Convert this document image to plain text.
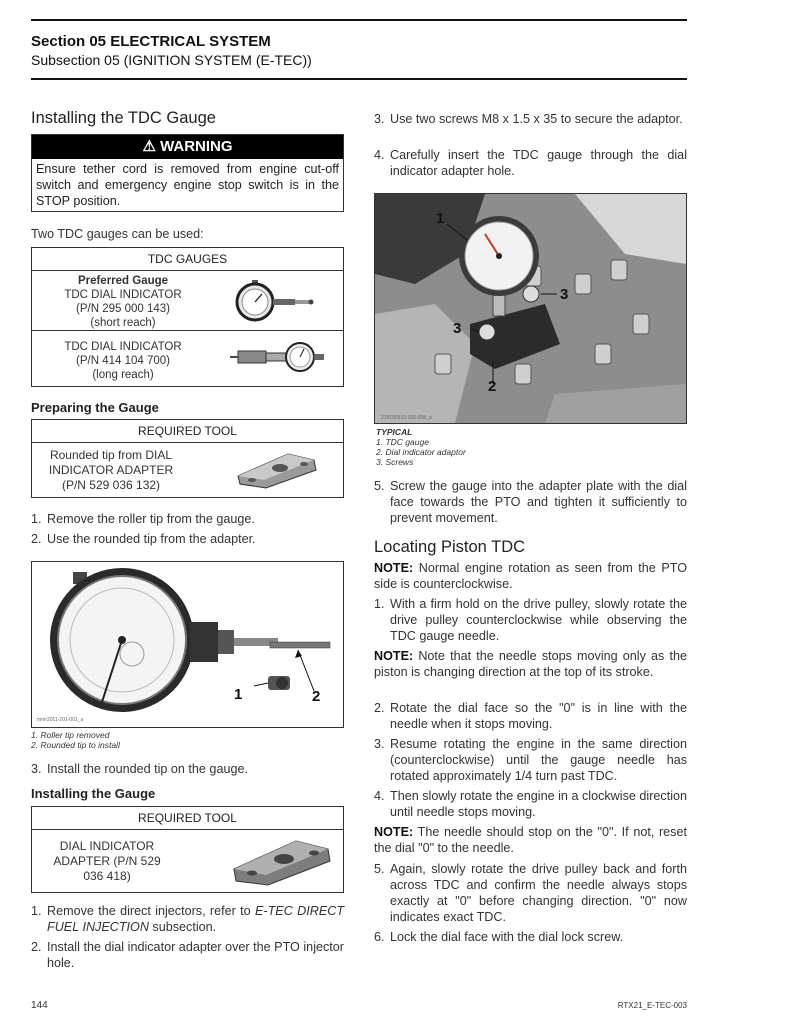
Section 05 ELECTRICAL SYSTEM
Subsection 05 (IGNITION SYSTEM (E-TEC))
Installing the TDC Gauge
⚠ WARNING
Ensure tether cord is removed from engine cut-off switch and emergency engine stop switch is in the STOP position.
Two TDC gauges can be used:
TDC GAUGES
Preferred Gauge
TDC DIAL INDICATOR
(P/N 295 000 143)
(short reach)
TDC DIAL INDICATOR
(P/N 414 104 700)
(long reach)
Preparing the Gauge
REQUIRED TOOL
Rounded tip from DIAL
INDICATOR ADAPTER
(P/N 529 036 132)
1. Remove the roller tip from the gauge.
2. Use the rounded tip from the adapter.
1	2
mmr2011-201-001_a
1. Roller tip removed
2. Rounded tip to install
3. Install the rounded tip on the gauge.
Installing the Gauge
REQUIRED TOOL
DIAL INDICATOR
ADAPTER (P/N 529
036 418)
1. Remove the direct injectors, refer to E-TEC DIRECT FUEL INJECTION subsection.
2. Install the dial indicator adapter over the PTO injector hole.
3. Use two screws M8 x 1.5 x 35 to secure the adaptor.
4. Carefully insert the TDC gauge through the dial indicator adapter hole.
1
3
3
2
219100912-016-008_a
TYPICAL
1. TDC gauge
2. Dial indicator adaptor
3. Screws
5. Screw the gauge into the adapter plate with the dial face towards the PTO and tighten it sufficiently to prevent movement.
Locating Piston TDC
NOTE: Normal engine rotation as seen from the PTO side is counterclockwise.
1. With a firm hold on the drive pulley, slowly rotate the drive pulley counterclockwise while observing the TDC gauge needle.
NOTE: Note that the needle stops moving only as the piston is changing direction at the top of its stroke.
2. Rotate the dial face so the "0" is in line with the needle when it stops moving.
3. Resume rotating the engine in the same direction (counterclockwise) until the gauge needle has rotated approximately 1/4 turn past TDC.
4. Then slowly rotate the engine in a clockwise direction until needle stops moving.
NOTE: The needle should stop on the "0". If not, reset the dial "0" to the needle.
5. Again, slowly rotate the drive pulley back and forth across TDC and confirm the needle always stops exactly at "0" before changing direction. "0" now indicates exact TDC.
6. Lock the dial face with the dial lock screw.
144	RTX21_E-TEC-003
